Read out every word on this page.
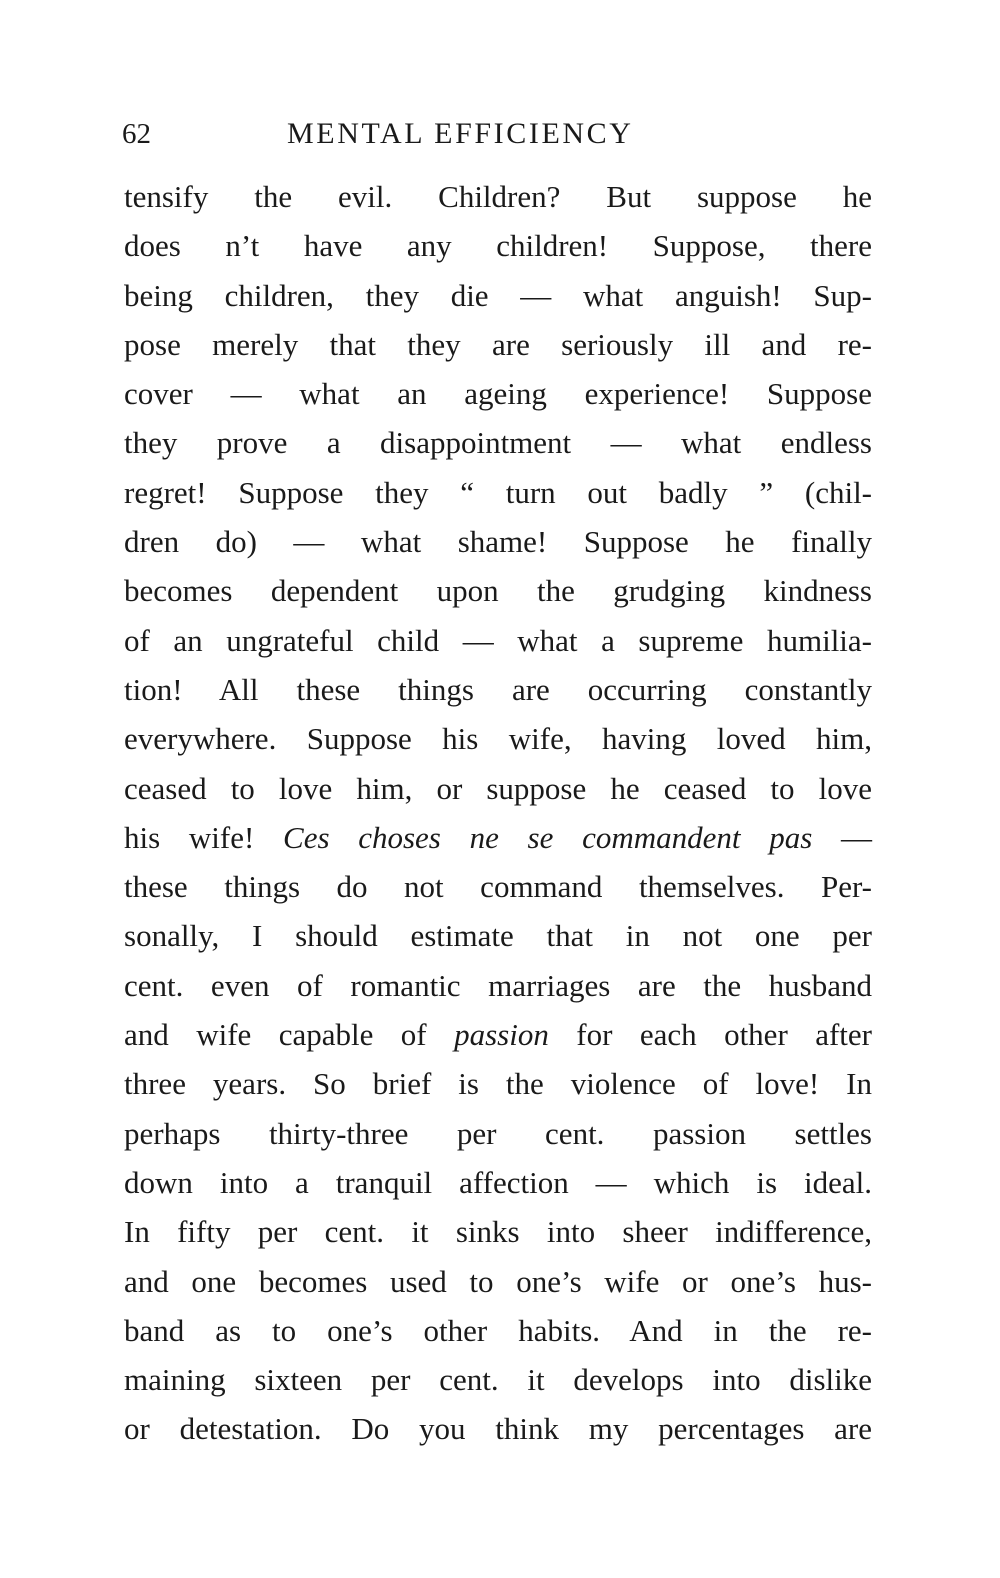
62	MENTAL EFFICIENCY
tensify the evil. Children? But suppose he
does n’t have any children! Suppose, there
being children, they die — what anguish! Sup-
pose merely that they are seriously ill and re-
cover — what an ageing experience! Suppose
they prove a disappointment — what endless
regret! Suppose they “ turn out badly ” (chil-
dren do) — what shame! Suppose he finally
becomes dependent upon the grudging kindness
of an ungrateful child — what a supreme humilia-
tion! All these things are occurring constantly
everywhere. Suppose his wife, having loved him,
ceased to love him, or suppose he ceased to love
his wife! Ces choses ne se commandent pas —
these things do not command themselves. Per-
sonally, I should estimate that in not one per
cent. even of romantic marriages are the husband
and wife capable of passion for each other after
three years. So brief is the violence of love! In
perhaps thirty-three per cent. passion settles
down into a tranquil affection — which is ideal.
In fifty per cent. it sinks into sheer indifference,
and one becomes used to one’s wife or one’s hus-
band as to one’s other habits. And in the re-
maining sixteen per cent. it develops into dislike
or detestation. Do you think my percentages are
